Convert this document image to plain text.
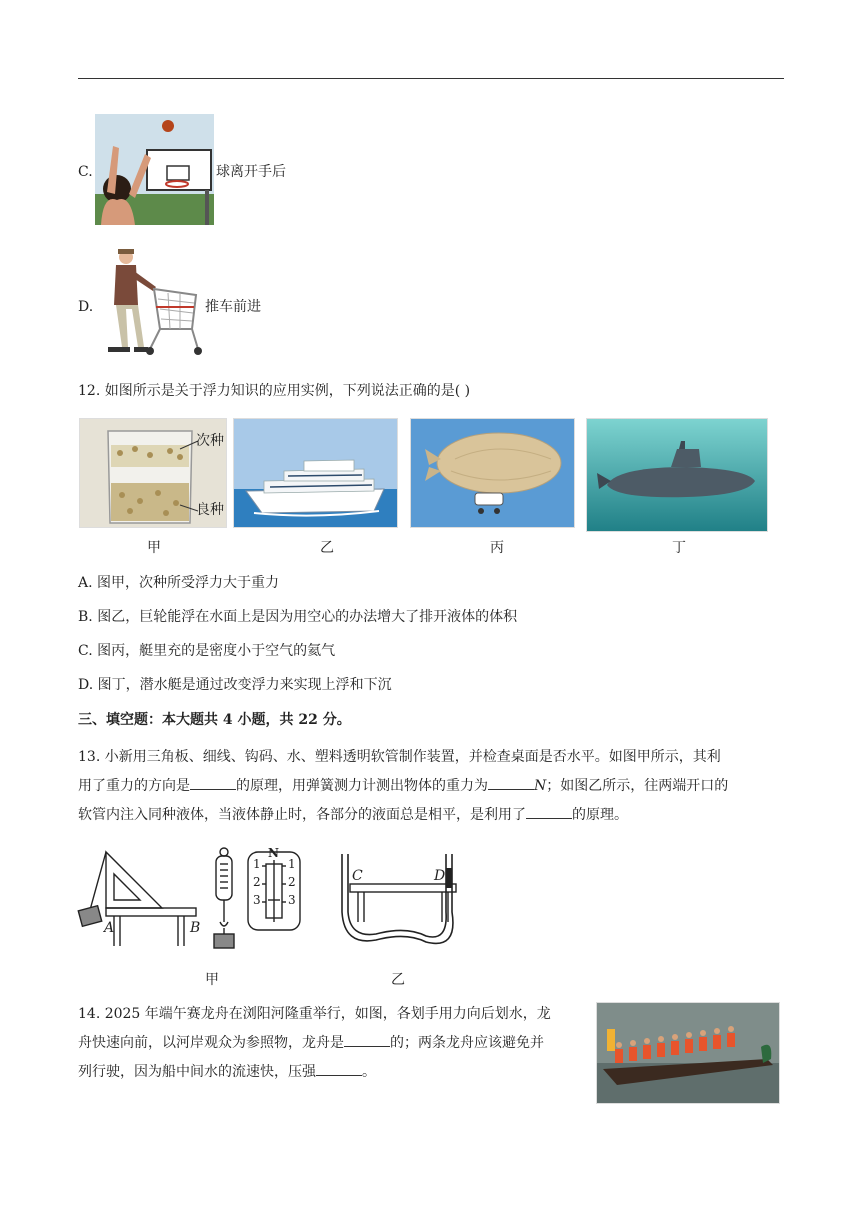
C.	球离开手后
D.	推车前进
12. 如图所示是关于浮力知识的应用实例，下列说法正确的是( )
次种
良种
甲	乙	丙	丁
A. 图甲，次种所受浮力大于重力
B. 图乙，巨轮能浮在水面上是因为用空心的办法增大了排开液体的体积
C. 图丙，艇里充的是密度小于空气的氦气
D. 图丁，潜水艇是通过改变浮力来实现上浮和下沉
三、填空题：本大题共 4 小题，共 22 分。
13. 小新用三角板、细线、钩码、水、塑料透明软管制作装置，并检查桌面是否水平。如图甲所示，其利
用了重力的方向是	的原理，用弹簧测力计测出物体的重力为	N；如图乙所示，往两端开口的
软管内注入同种液体，当液体静止时，各部分的液面总是相平，是利用了	的原理。
A	B
C	D
N
1
2
3
1
2
3
甲	乙
14. 2025 年端午赛龙舟在浏阳河隆重举行，如图，各划手用力向后划水，龙
舟快速向前，以河岸观众为参照物，龙舟是	的；两条龙舟应该避免并
列行驶，因为船中间水的流速快，压强	。
